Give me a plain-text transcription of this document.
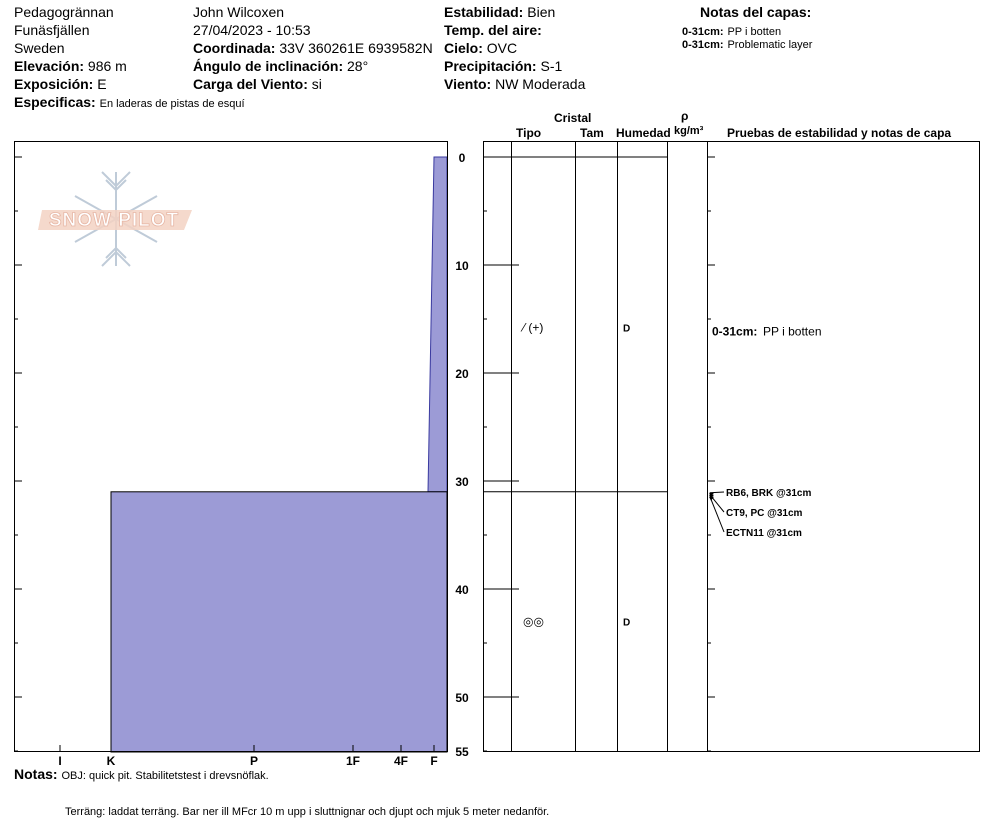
Pedagogrännan
Funäsfjällen
Sweden
Elevación: 986 m
Exposición: E
Especificas: En laderas de pistas de esquí
John Wilcoxen
27/04/2023 - 10:53
Coordinada: 33V 360261E 6939582N
Ángulo de inclinación: 28°
Carga del Viento: si
Estabilidad: Bien
Temp. del aire:
Cielo: OVC
Precipitación: S-1
Viento: NW Moderada
Notas del capas:
0-31cm: PP i botten
0-31cm: Problematic layer
Cristal
Tipo	Tam Humedad
ρ
kg/m³ Pruebas de estabilidad y notas de capa
SNOW PILOT
I	K	P	1F	4F F
0
10
20
30
40
50
55
⁄ (+)	D	0-31cm: PP i botten
◎◎	D
RB6, BRK @31cm
CT9, PC @31cm
ECTN11 @31cm
Notas: OBJ: quick pit. Stabilitetstest i drevsnöflak.
Terräng: laddat terräng. Bar ner ill MFcr 10 m upp i sluttnignar och djupt och mjuk 5 meter nedanför.
